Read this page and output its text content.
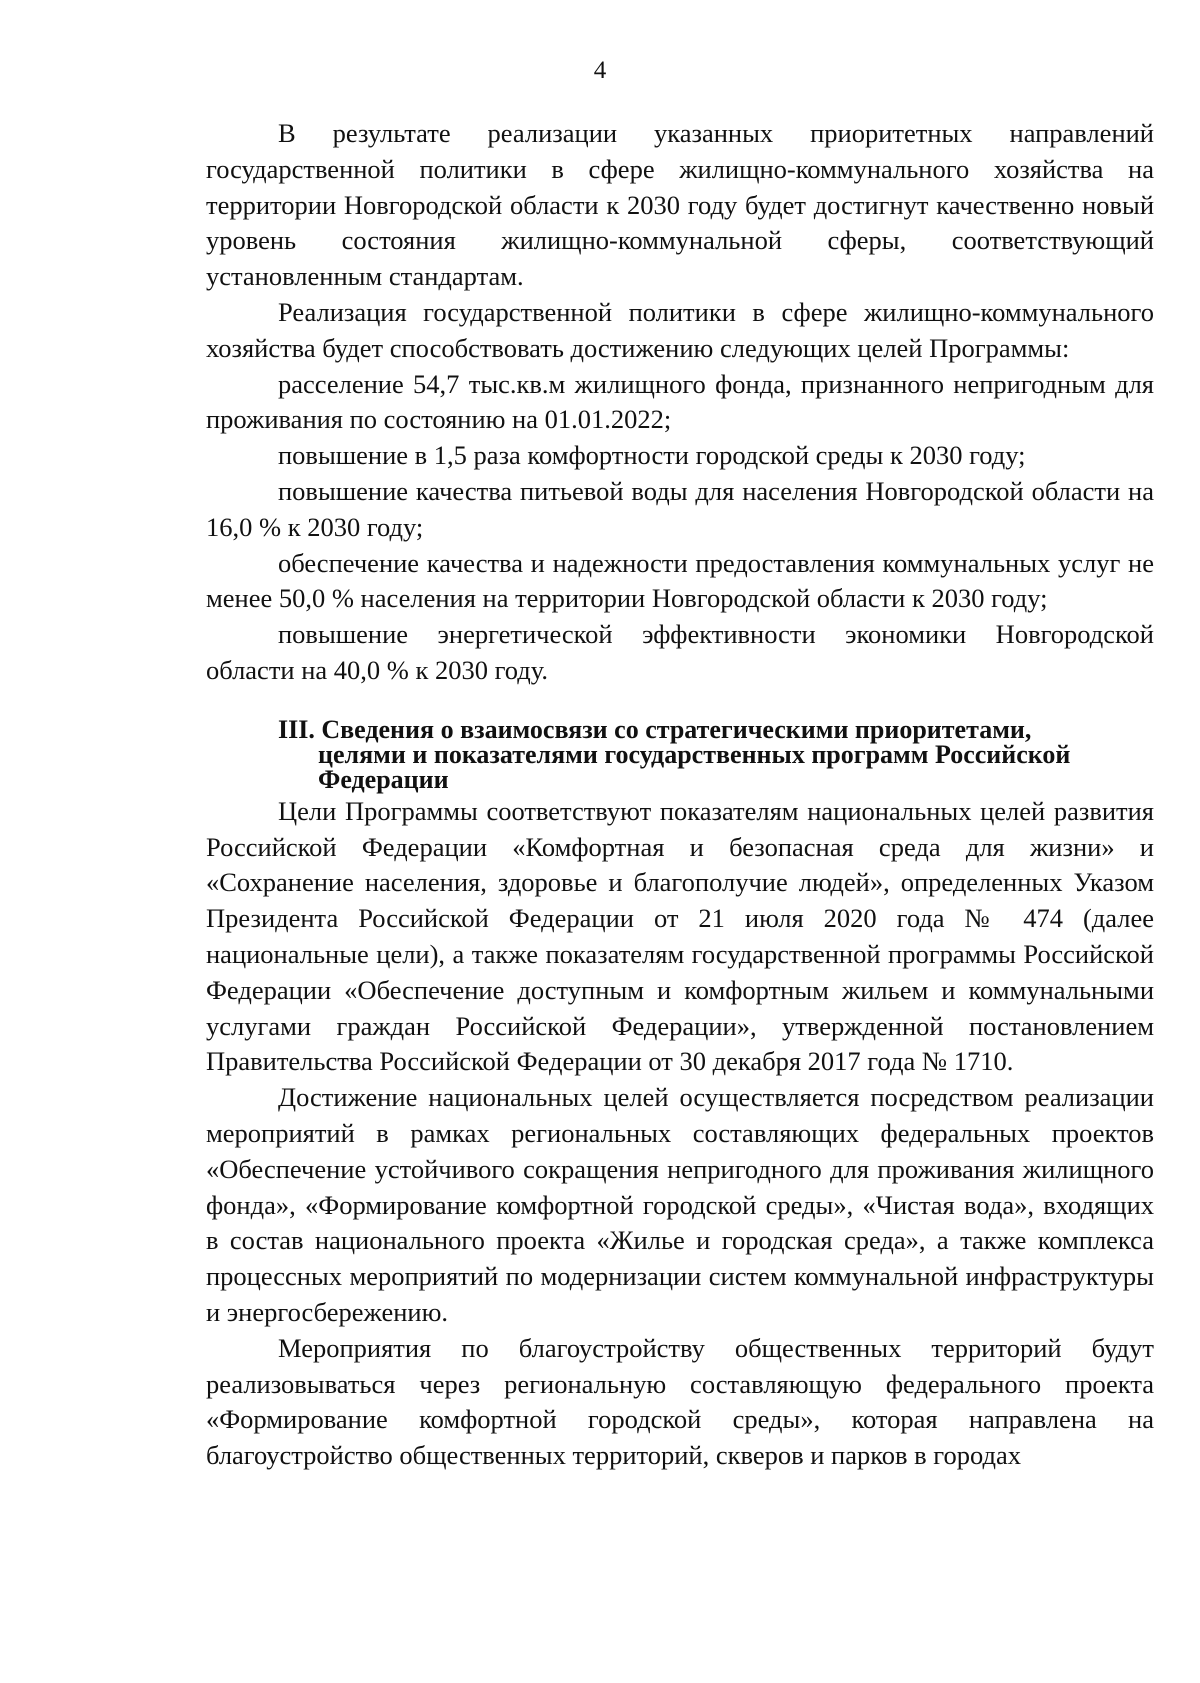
4

В результате реализации указанных приоритетных направлений государственной политики в сфере жилищно-коммунального хозяйства на территории Новгородской области к 2030 году будет достигнут качественно новый уровень состояния жилищно-коммунальной сферы, соответствующий установленным стандартам.

Реализация государственной политики в сфере жилищно-коммунального хозяйства будет способствовать достижению следующих целей Программы:

расселение 54,7 тыс.кв.м жилищного фонда, признанного непригодным для проживания по состоянию на 01.01.2022;

повышение в 1,5 раза комфортности городской среды к 2030 году;

повышение качества питьевой воды для населения Новгородской области на 16,0 % к 2030 году;

обеспечение качества и надежности предоставления коммунальных услуг не менее 50,0 % населения на территории Новгородской области к 2030 году;

повышение энергетической эффективности экономики Новгородской области на 40,0 % к 2030 году.

III. Сведения о взаимосвязи со стратегическими приоритетами,
целями и показателями государственных программ Российской
Федерации

Цели Программы соответствуют показателям национальных целей развития Российской Федерации «Комфортная и безопасная среда для жизни» и «Сохранение населения, здоровье и благополучие людей», определенных Указом Президента Российской Федерации от 21 июля 2020 года № 474 (далее национальные цели), а также показателям государственной программы Российской Федерации «Обеспечение доступным и комфортным жильем и коммунальными услугами граждан Российской Федерации», утвержденной постановлением Правительства Российской Федерации от 30 декабря 2017 года № 1710.

Достижение национальных целей осуществляется посредством реализации мероприятий в рамках региональных составляющих федеральных проектов «Обеспечение устойчивого сокращения непригодного для проживания жилищного фонда», «Формирование комфортной городской среды», «Чистая вода», входящих в состав национального проекта «Жилье и городская среда», а также комплекса процессных мероприятий по модернизации систем коммунальной инфраструктуры и энергосбережению.

Мероприятия по благоустройству общественных территорий будут реализовываться через региональную составляющую федерального проекта «Формирование комфортной городской среды», которая направлена на благоустройство общественных территорий, скверов и парков в городах
